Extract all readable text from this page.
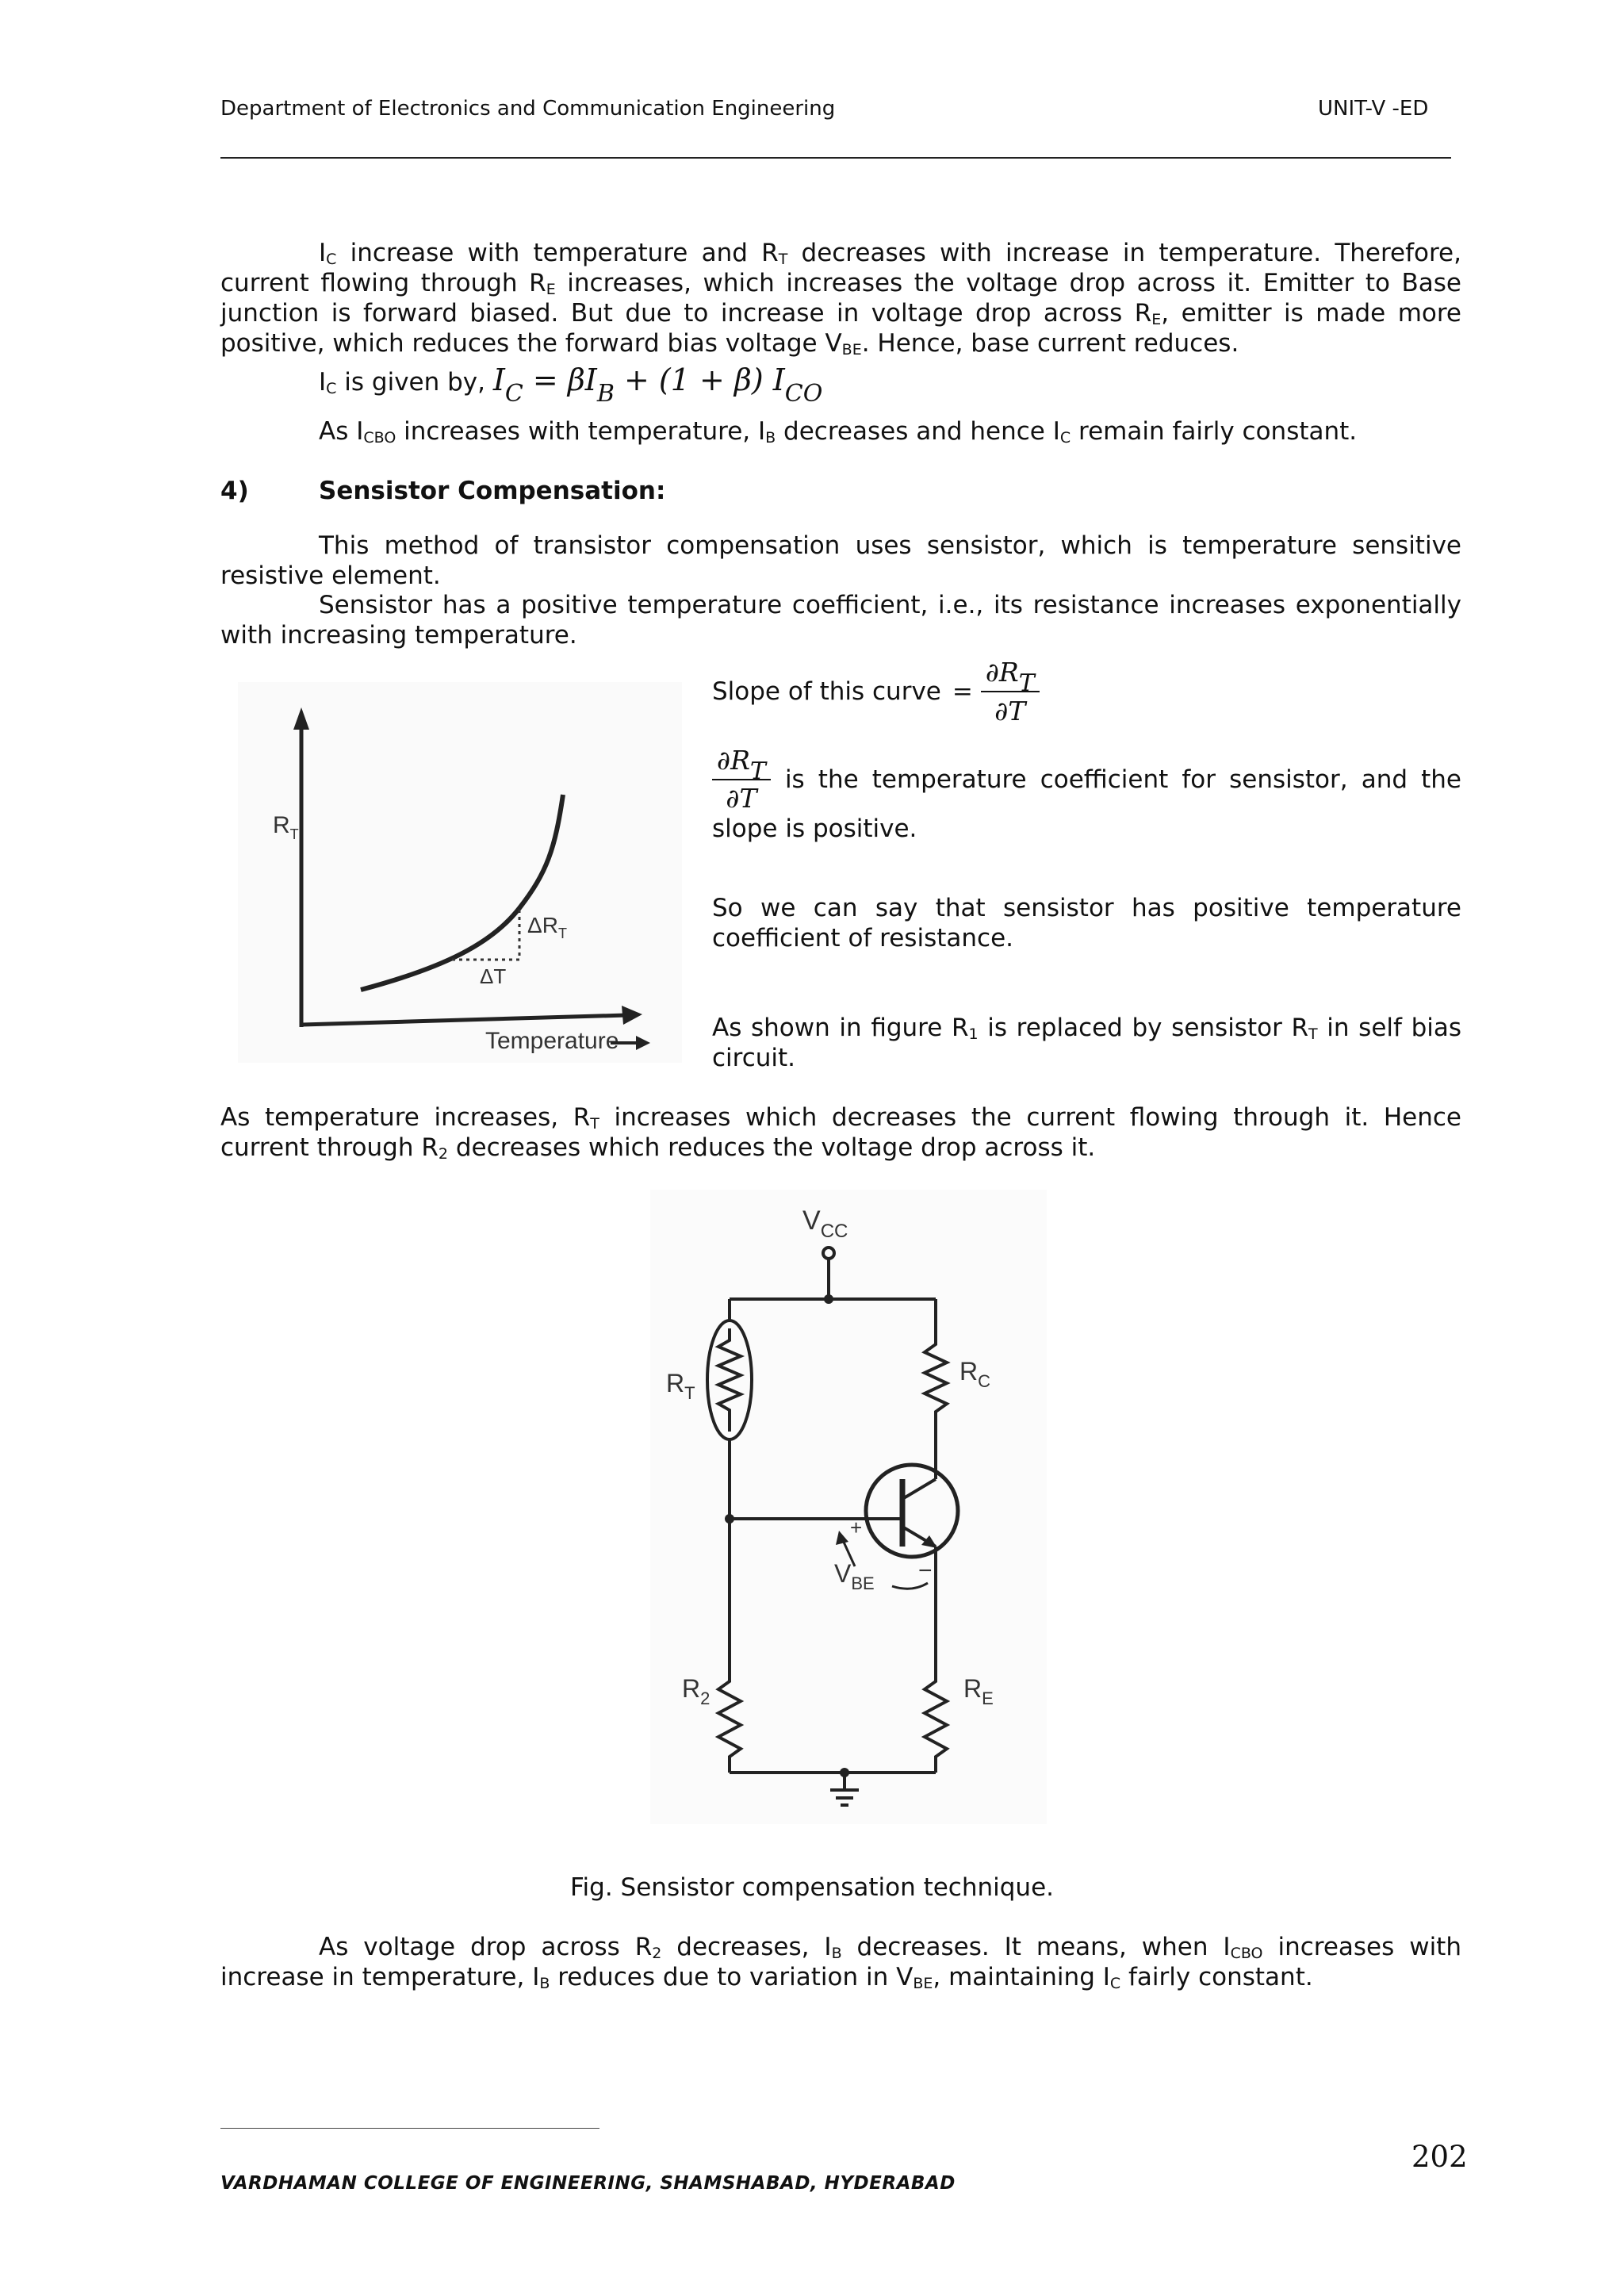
Department of Electronics and Communication Engineering	UNIT-V -ED
$I_C$ increase with temperature and $R_T$ decreases with increase in temperature. Therefore, current flowing through $R_E$ increases, which increases the voltage drop across it. Emitter to Base junction is forward biased. But due to increase in voltage drop across $R_E$, emitter is made more positive, which reduces the forward bias voltage $V_{BE}$. Hence, base current reduces.
$I_C$ is given by, $I_C = \beta I_B + (1 + \beta)$ $I_{CO}$
As $I_{CBO}$ increases with temperature, $I_B$ decreases and hence $I_C$ remain fairly constant.
4)	Sensistor Compensation:
This method of transistor compensation uses sensistor, which is temperature sensitive resistive element.
Sensistor has a positive temperature coefficient, i.e., its resistance increases exponentially with increasing temperature.
$R_T$
$\Delta R_T$
ΔT
Temperature
Slope of this curve = $\frac{\partial R_T}{\partial T}$
$\frac{\partial R_T}{\partial T}$ is the temperature coefficient for sensistor, and the
slope is positive.
So we can say that sensistor has positive temperature coefficient of resistance.
As shown in figure $R_1$ is replaced by sensistor $R_T$ in self bias circuit.
As temperature increases, $R_T$ increases which decreases the current flowing through it. Hence current through $R_2$ decreases which reduces the voltage drop across it.
$V_{CC}$
$R_T$
$R_2$
$R_C$
+
$V_{BE}$ −
$R_E$
Fig. Sensistor compensation technique.
As voltage drop across $R_2$ decreases, $I_B$ decreases. It means, when $I_{CBO}$ increases with increase in temperature, $I_B$ reduces due to variation in $V_{BE}$, maintaining $I_C$ fairly constant.
202
VARDHAMAN COLLEGE OF ENGINEERING, SHAMSHABAD, HYDERABAD
